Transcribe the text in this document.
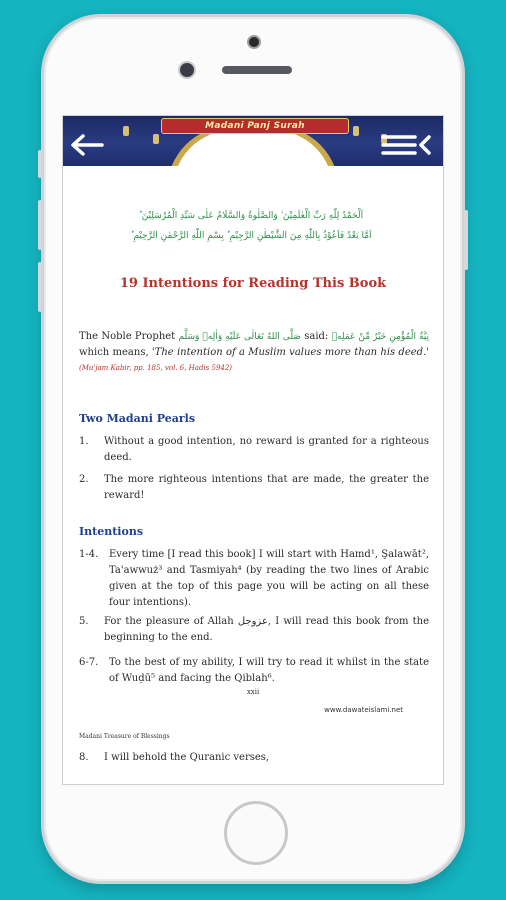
Madani Panj Surah
اَلْحَمْدُ لِلّٰهِ رَبِّ الْعٰلَمِيْنَ ۙ وَالصَّلٰوةُ وَالسَّلَامُ عَلٰى سَيِّدِ الْمُرْسَلِيْنَ ؕ
اَمَّا بَعْدُ فَاَعُوْذُ بِاللّٰهِ مِنَ الشَّيْطٰنِ الرَّجِيْمِ ؕ بِسْمِ اللّٰهِ الرَّحْمٰنِ الرَّحِيْمِ ؕ
19 Intentions for Reading This Book
The Noble Prophet صَلَّى اللهُ تَعَالٰى عَلَيْهِ وَاٰلِهٖ وَسَلَّم said: نِيَّةُ الْمُؤْمِنِ خَيْرٌ مِّنْ عَمَلِهٖ which means, 'The intention of a Muslim values more than his deed.' (Mu'jam Kabir, pp. 185, vol. 6, Hadis 5942)
Two Madani Pearls
1. Without a good intention, no reward is granted for a righteous deed.
2. The more righteous intentions that are made, the greater the reward!
Intentions
1-4. Every time [I read this book] I will start with Hamd¹, Şalawāt², Ta'awwuż³ and Tasmiyah⁴ (by reading the two lines of Arabic given at the top of this page you will be acting on all these four intentions).
5. For the pleasure of Allah عزوجل, I will read this book from the beginning to the end.
6-7. To the best of my ability, I will try to read it whilst in the state of Wuḍū⁵ and facing the Qiblah⁶.
xxii
www.dawateislami.net
Madani Treasure of Blessings
8. I will behold the Quranic verses,
